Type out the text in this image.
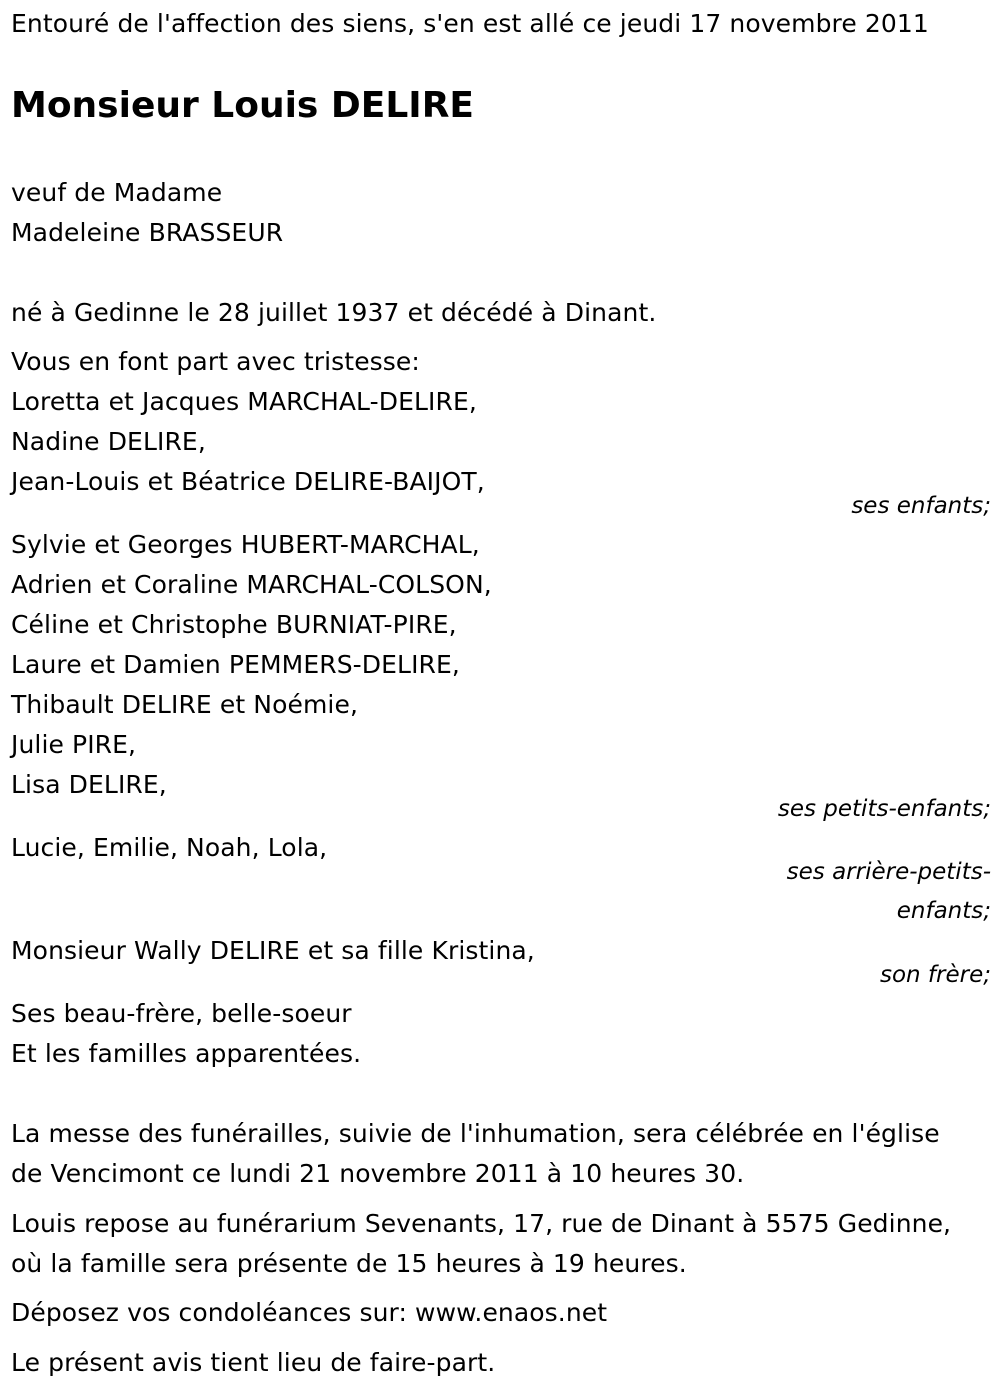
Entouré de l'affection des siens, s'en est allé ce jeudi 17 novembre 2011
Monsieur Louis DELIRE
veuf de Madame
Madeleine BRASSEUR
né à Gedinne le 28 juillet 1937 et décédé à Dinant.
Vous en font part avec tristesse:
Loretta et Jacques MARCHAL-DELIRE,
Nadine DELIRE,
Jean-Louis et Béatrice DELIRE-BAIJOT,
ses enfants;
Sylvie et Georges HUBERT-MARCHAL,
Adrien et Coraline MARCHAL-COLSON,
Céline et Christophe BURNIAT-PIRE,
Laure et Damien PEMMERS-DELIRE,
Thibault DELIRE et Noémie,
Julie PIRE,
Lisa DELIRE,
ses petits-enfants;
Lucie, Emilie, Noah, Lola,
ses arrière-petits-
enfants;
Monsieur Wally DELIRE et sa fille Kristina,
son frère;
Ses beau-frère, belle-soeur
Et les familles apparentées.
La messe des funérailles, suivie de l'inhumation, sera célébrée en l'église
de Vencimont ce lundi 21 novembre 2011 à 10 heures 30.
Louis repose au funérarium Sevenants, 17, rue de Dinant à 5575 Gedinne,
où la famille sera présente de 15 heures à 19 heures.
Déposez vos condoléances sur: www.enaos.net
Le présent avis tient lieu de faire-part.
